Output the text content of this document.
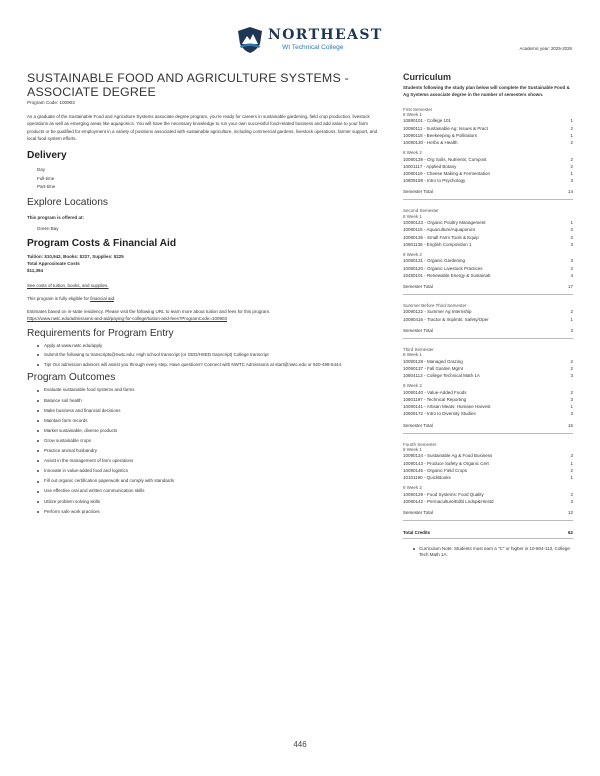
NORTHEAST
WI Technical College	Academic year: 2025-2026
SUSTAINABLE FOOD AND AGRICULTURE SYSTEMS - ASSOCIATE DEGREE
Program Code: 100903

As a graduate of the Sustainable Food and Agriculture Systems associate degree program, you're ready for careers in sustainable gardening, field crop production, livestock operations as well as emerging areas like aquaponics. You will have the necessary knowledge to run your own successful food-related business and add value to your farm products or be qualified for employment in a variety of positions associated with sustainable agriculture, including commercial gardens, livestock operations, farmer support, and local food system efforts.

Delivery
Day
Full-time
Part-time
Explore Locations

This program is offered at:

Green Bay

Program Costs & Financial Aid

Tuition: $10,942, Books: $227, Supplies: $225

Total Approximate Costs

$11,394

See costs of tuition, books, and supplies.

This program is fully eligible for financial aid.

Estimates based on in-state residency. Please visit the following URL to learn more about tuition and fees for this program.

https://www.nwtc.edu/admissions-and-aid/paying-for-college/tuition-and-fees?ProgramCode=100903

Requirements for Program Entry
Apply at www.nwtc.edu/apply
Submit the following to transcripts@nwtc.edu: High school transcript (or GED/HSED transcript) College transcript
Tip! Our admission advisors will assist you through every step. Have questions? Connect with NWTC Admissions at start@nwtc.edu or 920-498-5444.
Program Outcomes
Evaluate sustainable food systems and farms
Balance soil health
Make business and financial decisions
Maintain farm records
Market sustainable, diverse products
Grow sustainable crops
Practice animal husbandry
Assist in the management of farm operations
Innovate in value-added food and logistics
Fill out organic certification paperwork and comply with standards
Use effective oral and written communication skills
Utilize problem solving skills
Perform safe work practices
Curriculum

Students following the study plan below will complete the Sustainable Food & Ag Systems associate degree in the number of semesters shown.

First Semester
8 Week 1
10890101 - College 101	1
10090111 - Sustainable Ag: Issues & Pract	2
10090118 - Beekeeping & Pollinators	1
10090130 - Herbs & Health	2
8 Week 2
10090139 - Org Soils, Nutrients, Compost	2
10001117 - Applied Botany	2
10090119 - Cheese Making & Fermentation	1
10809198 - Intro to Psychology	3
Semester Total	14
Second Semester
8 Week 1
10090123 - Organic Poultry Management	1
10090115 - Aquaculture/Aquaponics	2
10090136 - Small Farm Tools & Equip	2
10801136 - English Composition 1	3
8 Week 2
10090131 - Organic Gardening	3
10090120 - Organic Livestock Practices	2
10480101 - Renewable Energy & Sustainab	4
Semester Total	17
Summer Before Third Semester
10090122 - Summer Ag Internship	2
10090416 - Tractor & Implmts: Safety/Oper	1
Semester Total	3
Third Semester
8 Week 1
10090128 - Managed Grazing	2
10090137 - Fall Garden Mgmt	2
10804113 - College Technical Math 1A	3
8 Week 2
10090140 - Value-Added Foods	2
10801197 - Technical Reporting	3
10090141 - Artisan Meats: Humane Harvest	1
10809172 - Intro to Diversity Studies	3
Semester Total	16
Fourth Semester
8 Week 1
10090134 - Sustainable Ag & Food Business	3
10090143 - Produce Safety & Organic Cert	1
10090145 - Organic Field Crops	2
10101190 - QuickBooks	1
8 Week 2
10090129 - Food Systems: Food Quality	2
10090142 - Permaculture/Edbl Lndsp&Hmstd	3
Semester Total	12
Total Credits	62
Curriculum Note: Students must earn a "C" or higher in 10-804-113, College Tech Math 1A.
446
